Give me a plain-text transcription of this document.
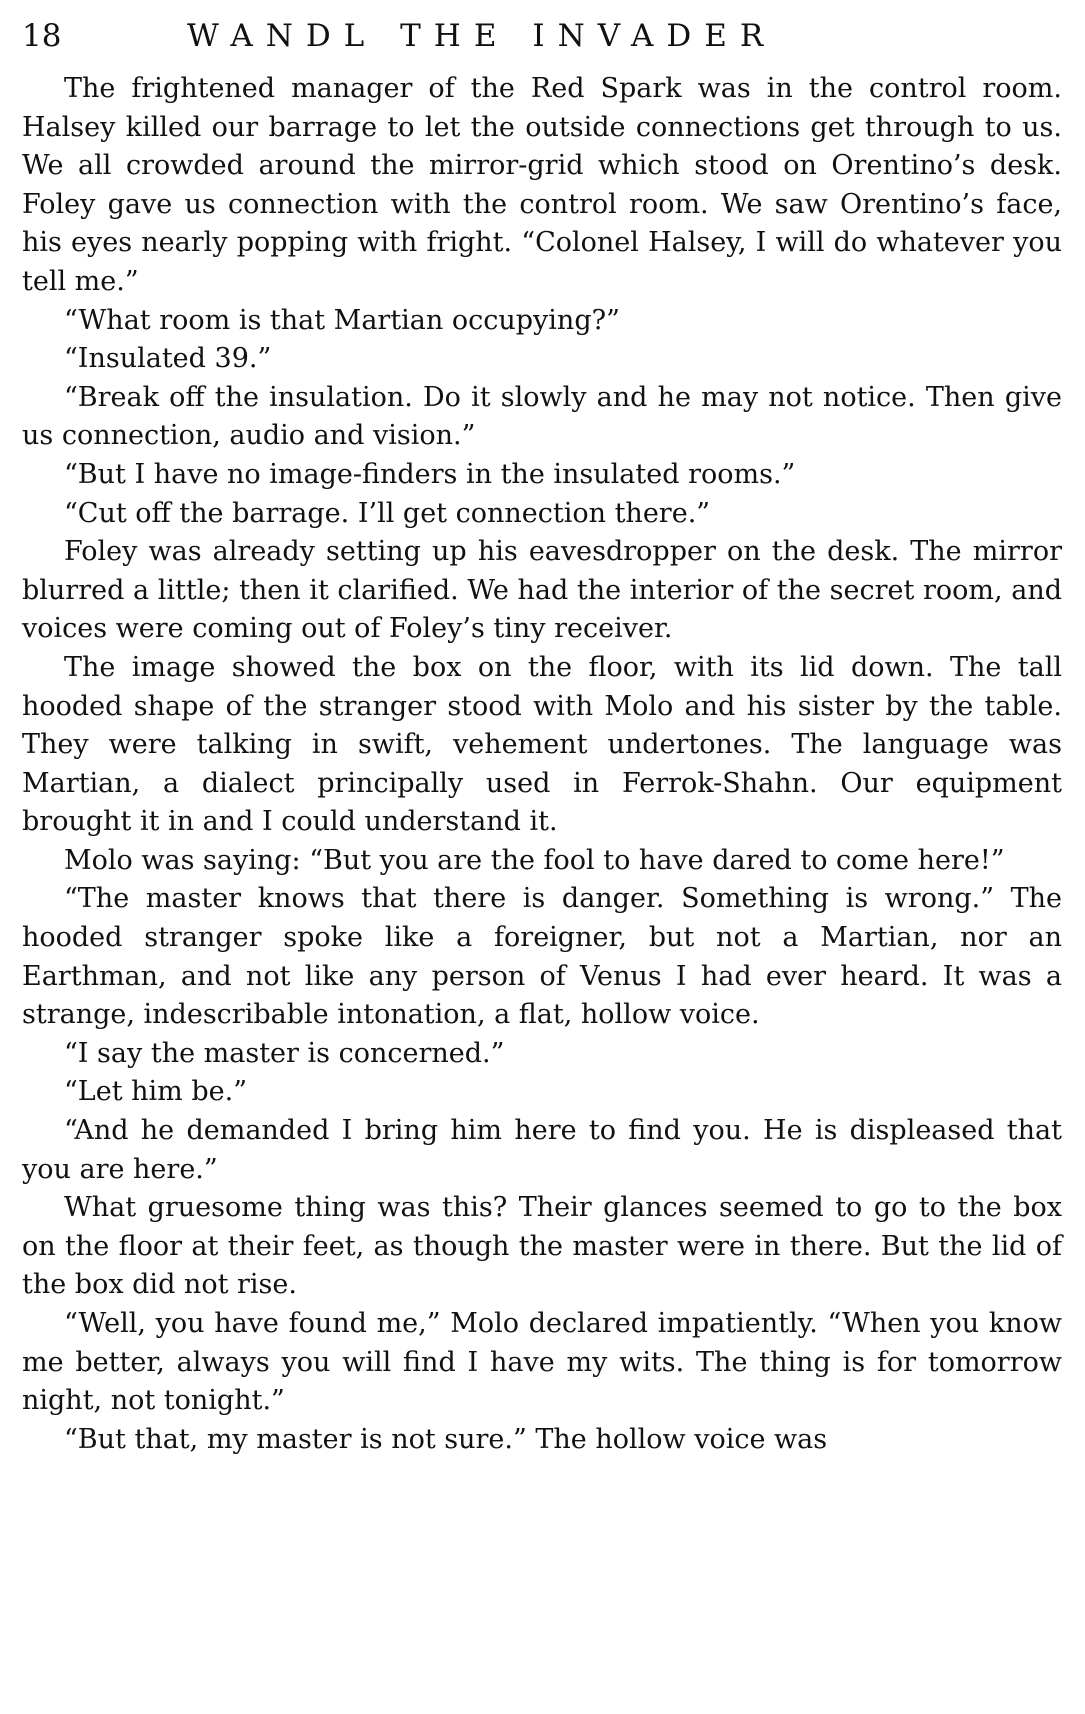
18	WANDL THE INVADER

The frightened manager of the Red Spark was in the control room. Halsey killed our barrage to let the outside connections get through to us. We all crowded around the mirror-grid which stood on Orentino’s desk. Foley gave us connection with the control room. We saw Orentino’s face, his eyes nearly popping with fright. “Colonel Halsey, I will do whatever you tell me.”

“What room is that Martian occupying?”

“Insulated 39.”

“Break off the insulation. Do it slowly and he may not notice. Then give us connection, audio and vision.”

“But I have no image-finders in the insulated rooms.”

“Cut off the barrage. I’ll get connection there.”

Foley was already setting up his eavesdropper on the desk. The mirror blurred a little; then it clarified. We had the interior of the secret room, and voices were coming out of Foley’s tiny receiver.

The image showed the box on the floor, with its lid down. The tall hooded shape of the stranger stood with Molo and his sister by the table. They were talking in swift, vehement undertones. The language was Martian, a dialect principally used in Ferrok-Shahn. Our equipment brought it in and I could understand it.

Molo was saying: “But you are the fool to have dared to come here!”

“The master knows that there is danger. Something is wrong.” The hooded stranger spoke like a foreigner, but not a Martian, nor an Earthman, and not like any person of Venus I had ever heard. It was a strange, indescribable intonation, a flat, hollow voice.

“I say the master is concerned.”

“Let him be.”

“And he demanded I bring him here to find you. He is displeased that you are here.”

What gruesome thing was this? Their glances seemed to go to the box on the floor at their feet, as though the master were in there. But the lid of the box did not rise.

“Well, you have found me,” Molo declared impatiently. “When you know me better, always you will find I have my wits. The thing is for tomorrow night, not tonight.”

“But that, my master is not sure.” The hollow voice was
